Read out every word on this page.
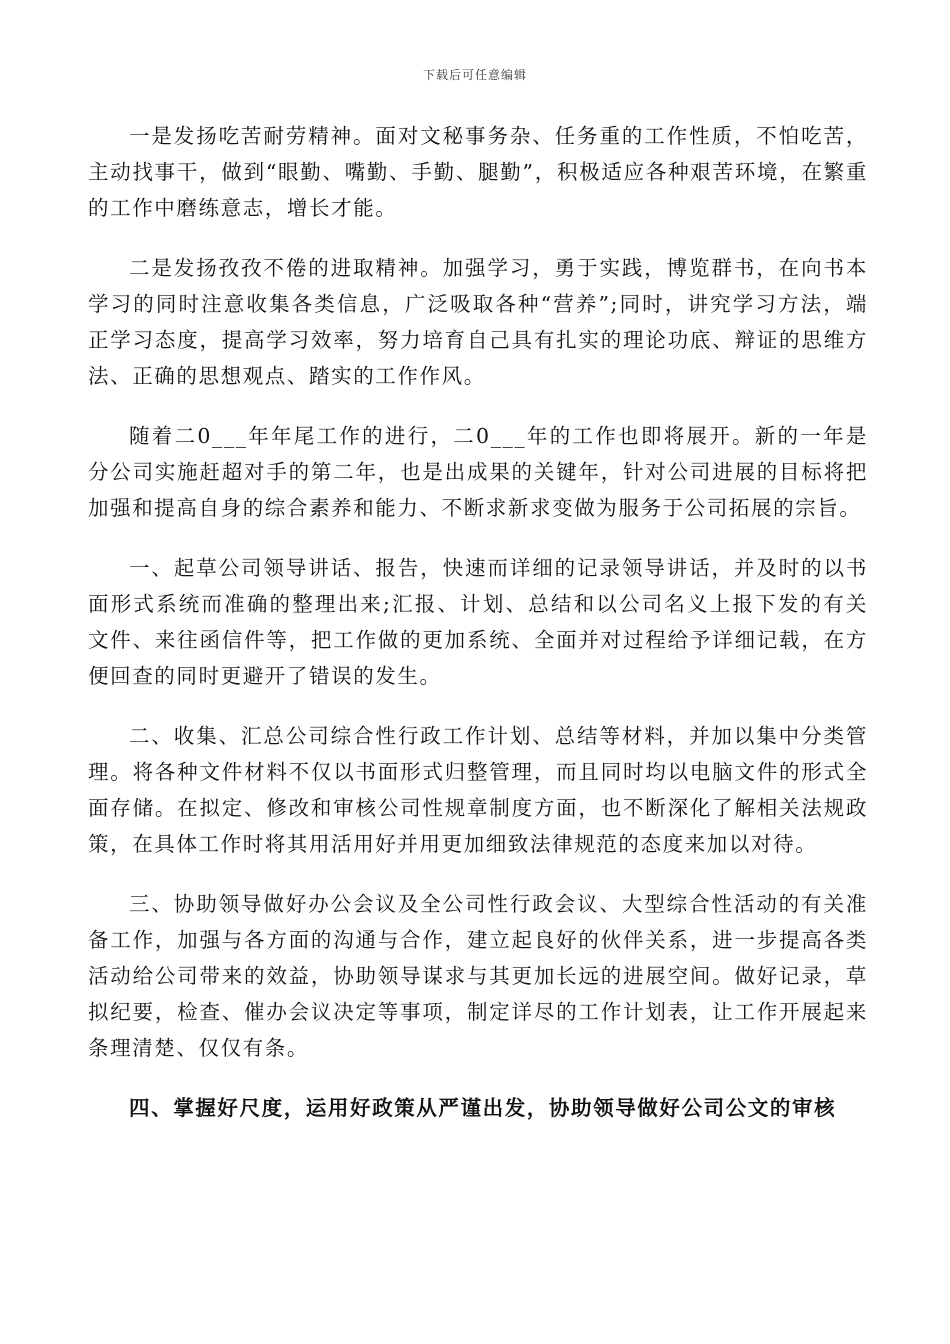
下载后可任意编辑

一是发扬吃苦耐劳精神。面对文秘事务杂、任务重的工作性质，不怕吃苦，主动找事干，做到“眼勤、嘴勤、手勤、腿勤”，积极适应各种艰苦环境，在繁重的工作中磨练意志，增长才能。

二是发扬孜孜不倦的进取精神。加强学习，勇于实践，博览群书，在向书本学习的同时注意收集各类信息，广泛吸取各种“营养”;同时，讲究学习方法，端正学习态度，提高学习效率，努力培育自己具有扎实的理论功底、辩证的思维方法、正确的思想观点、踏实的工作作风。

随着二0___年年尾工作的进行，二0___年的工作也即将展开。新的一年是分公司实施赶超对手的第二年，也是出成果的关键年，针对公司进展的目标将把加强和提高自身的综合素养和能力、不断求新求变做为服务于公司拓展的宗旨。

一、起草公司领导讲话、报告，快速而详细的记录领导讲话，并及时的以书面形式系统而准确的整理出来;汇报、计划、总结和以公司名义上报下发的有关文件、来往函信件等，把工作做的更加系统、全面并对过程给予详细记载，在方便回查的同时更避开了错误的发生。

二、收集、汇总公司综合性行政工作计划、总结等材料，并加以集中分类管理。将各种文件材料不仅以书面形式归整管理，而且同时均以电脑文件的形式全面存储。在拟定、修改和审核公司性规章制度方面，也不断深化了解相关法规政策，在具体工作时将其用活用好并用更加细致法律规范的态度来加以对待。

三、协助领导做好办公会议及全公司性行政会议、大型综合性活动的有关准备工作，加强与各方面的沟通与合作，建立起良好的伙伴关系，进一步提高各类活动给公司带来的效益，协助领导谋求与其更加长远的进展空间。做好记录，草拟纪要，检查、催办会议决定等事项，制定详尽的工作计划表，让工作开展起来条理清楚、仅仅有条。

四、掌握好尺度，运用好政策从严谨出发，协助领导做好公司公文的审核
